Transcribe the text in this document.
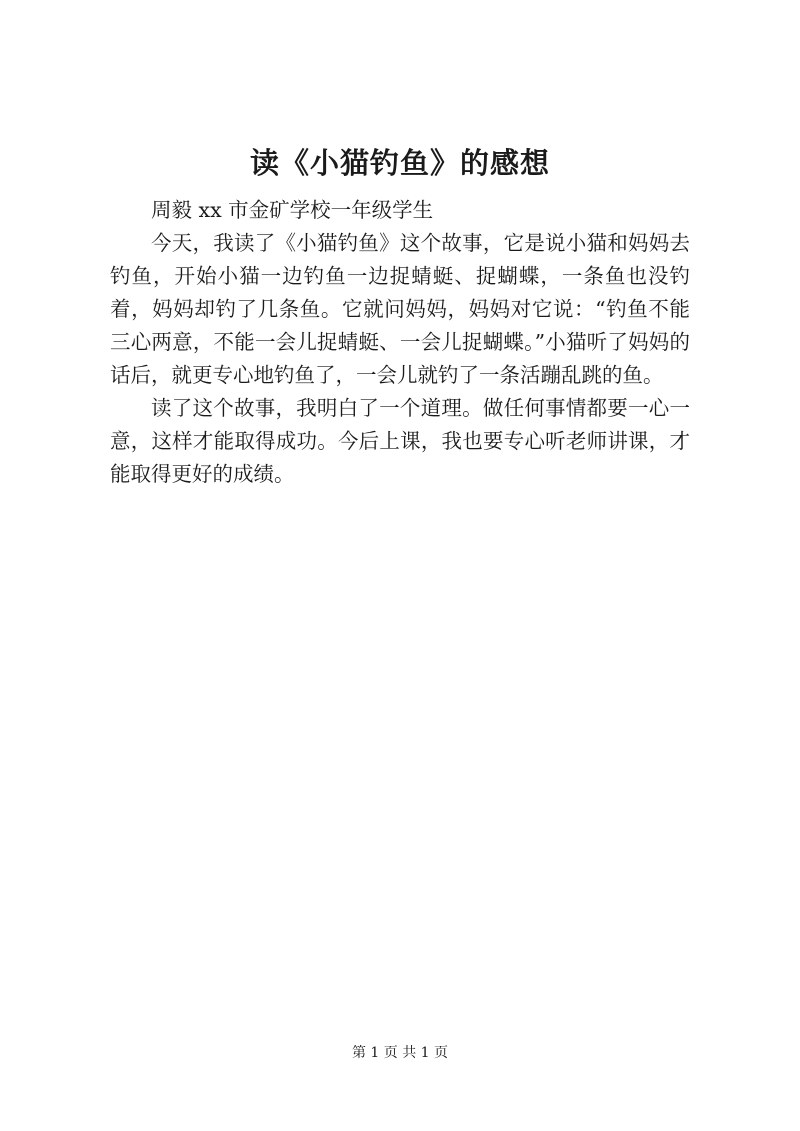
读《小猫钓鱼》的感想

周毅 xx 市金矿学校一年级学生

今天，我读了《小猫钓鱼》这个故事，它是说小猫和妈妈去钓鱼，开始小猫一边钓鱼一边捉蜻蜓、捉蝴蝶，一条鱼也没钓着，妈妈却钓了几条鱼。它就问妈妈，妈妈对它说：“钓鱼不能三心两意，不能一会儿捉蜻蜓、一会儿捉蝴蝶。”小猫听了妈妈的话后，就更专心地钓鱼了，一会儿就钓了一条活蹦乱跳的鱼。

读了这个故事，我明白了一个道理。做任何事情都要一心一意，这样才能取得成功。今后上课，我也要专心听老师讲课，才能取得更好的成绩。

第 1 页 共 1 页
